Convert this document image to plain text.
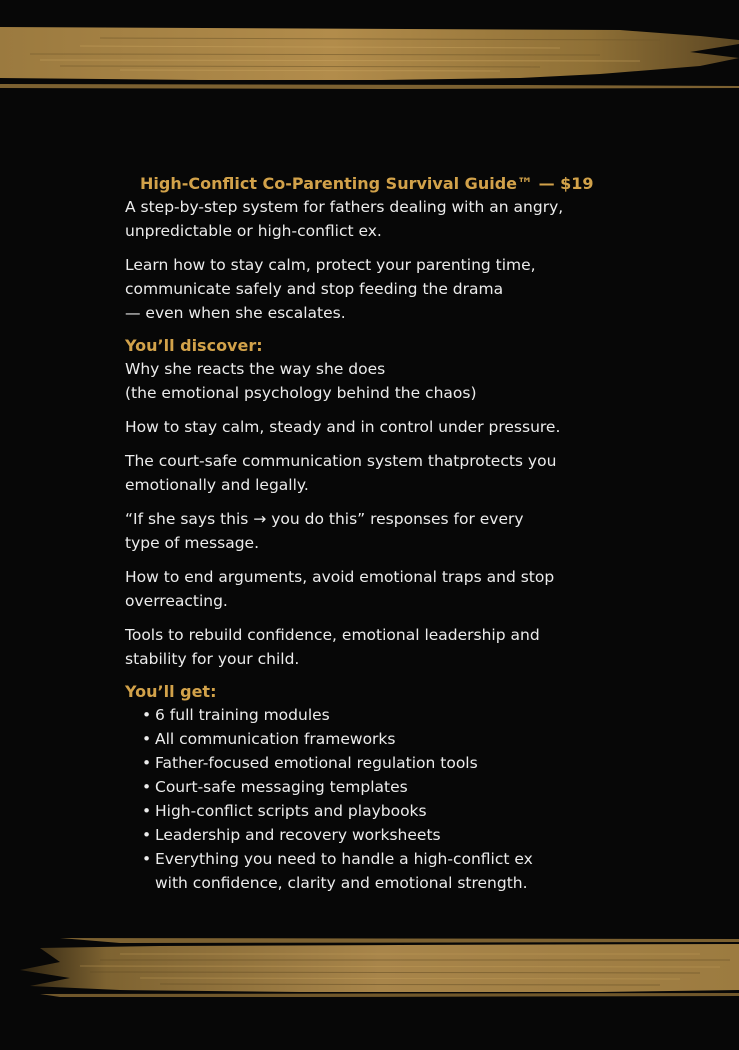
High-Conflict Co-Parenting Survival Guide™ — $19
A step-by-step system for fathers dealing with an angry,
unpredictable or high-conflict ex.
Learn how to stay calm, protect your parenting time,
communicate safely and stop feeding the drama
— even when she escalates.
You’ll discover:
Why she reacts the way she does
(the emotional psychology behind the chaos)
How to stay calm, steady and in control under pressure.
The court-safe communication system thatprotects you
emotionally and legally.
“If she says this → you do this” responses for every
type of message.
How to end arguments, avoid emotional traps and stop
overreacting.
Tools to rebuild confidence, emotional leadership and
stability for your child.
You’ll get:
• 6 full training modules
• All communication frameworks
• Father-focused emotional regulation tools
• Court-safe messaging templates
• High-conflict scripts and playbooks
• Leadership and recovery worksheets
• Everything you need to handle a high-conflict ex
with confidence, clarity and emotional strength.
